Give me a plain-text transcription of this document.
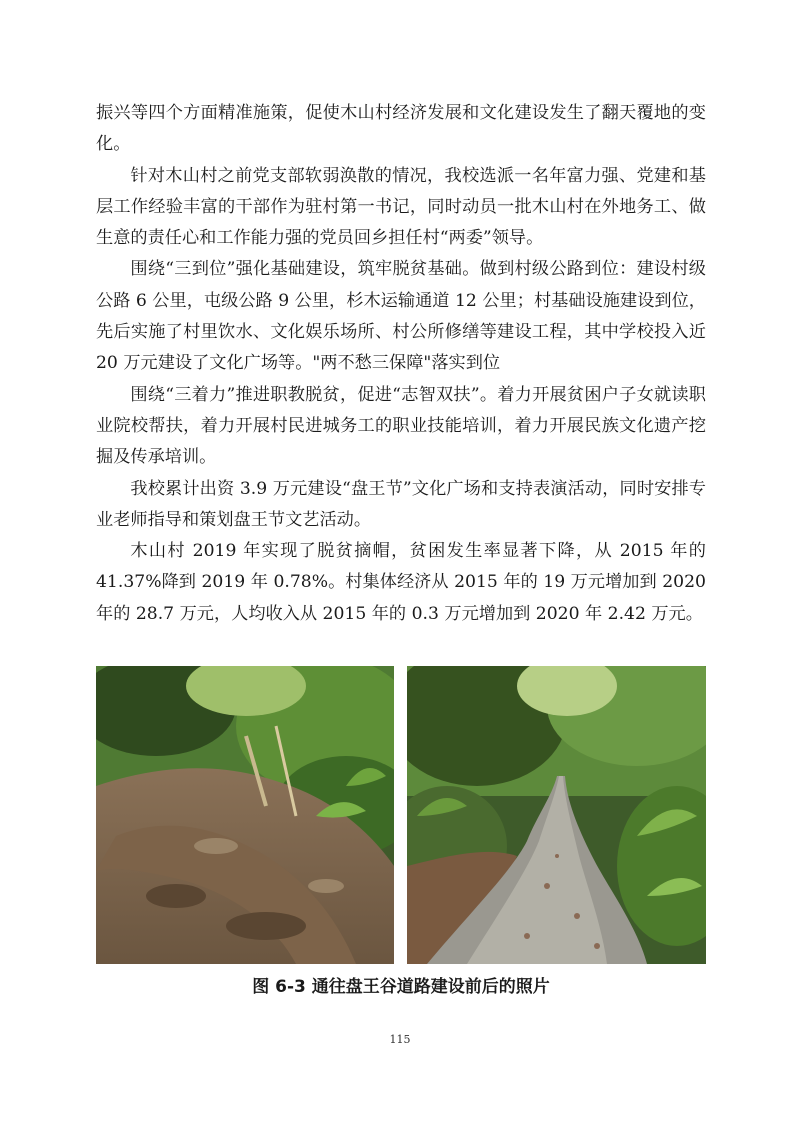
振兴等四个方面精准施策，促使木山村经济发展和文化建设发生了翻天覆地的变化。

针对木山村之前党支部软弱涣散的情况，我校选派一名年富力强、党建和基层工作经验丰富的干部作为驻村第一书记，同时动员一批木山村在外地务工、做生意的责任心和工作能力强的党员回乡担任村“两委”领导。

围绕“三到位”强化基础建设，筑牢脱贫基础。做到村级公路到位：建设村级公路 6 公里，屯级公路 9 公里，杉木运输通道 12 公里；村基础设施建设到位，先后实施了村里饮水、文化娱乐场所、村公所修缮等建设工程，其中学校投入近 20 万元建设了文化广场等。"两不愁三保障"落实到位

围绕“三着力”推进职教脱贫，促进“志智双扶”。着力开展贫困户子女就读职业院校帮扶，着力开展村民进城务工的职业技能培训，着力开展民族文化遗产挖掘及传承培训。

我校累计出资 3.9 万元建设“盘王节”文化广场和支持表演活动，同时安排专业老师指导和策划盘王节文艺活动。

木山村 2019 年实现了脱贫摘帽，贫困发生率显著下降，从 2015 年的 41.37%降到 2019 年 0.78%。村集体经济从 2015 年的 19 万元增加到 2020 年的 28.7 万元，人均收入从 2015 年的 0.3 万元增加到 2020 年 2.42 万元。

图 6-3 通往盘王谷道路建设前后的照片
115
